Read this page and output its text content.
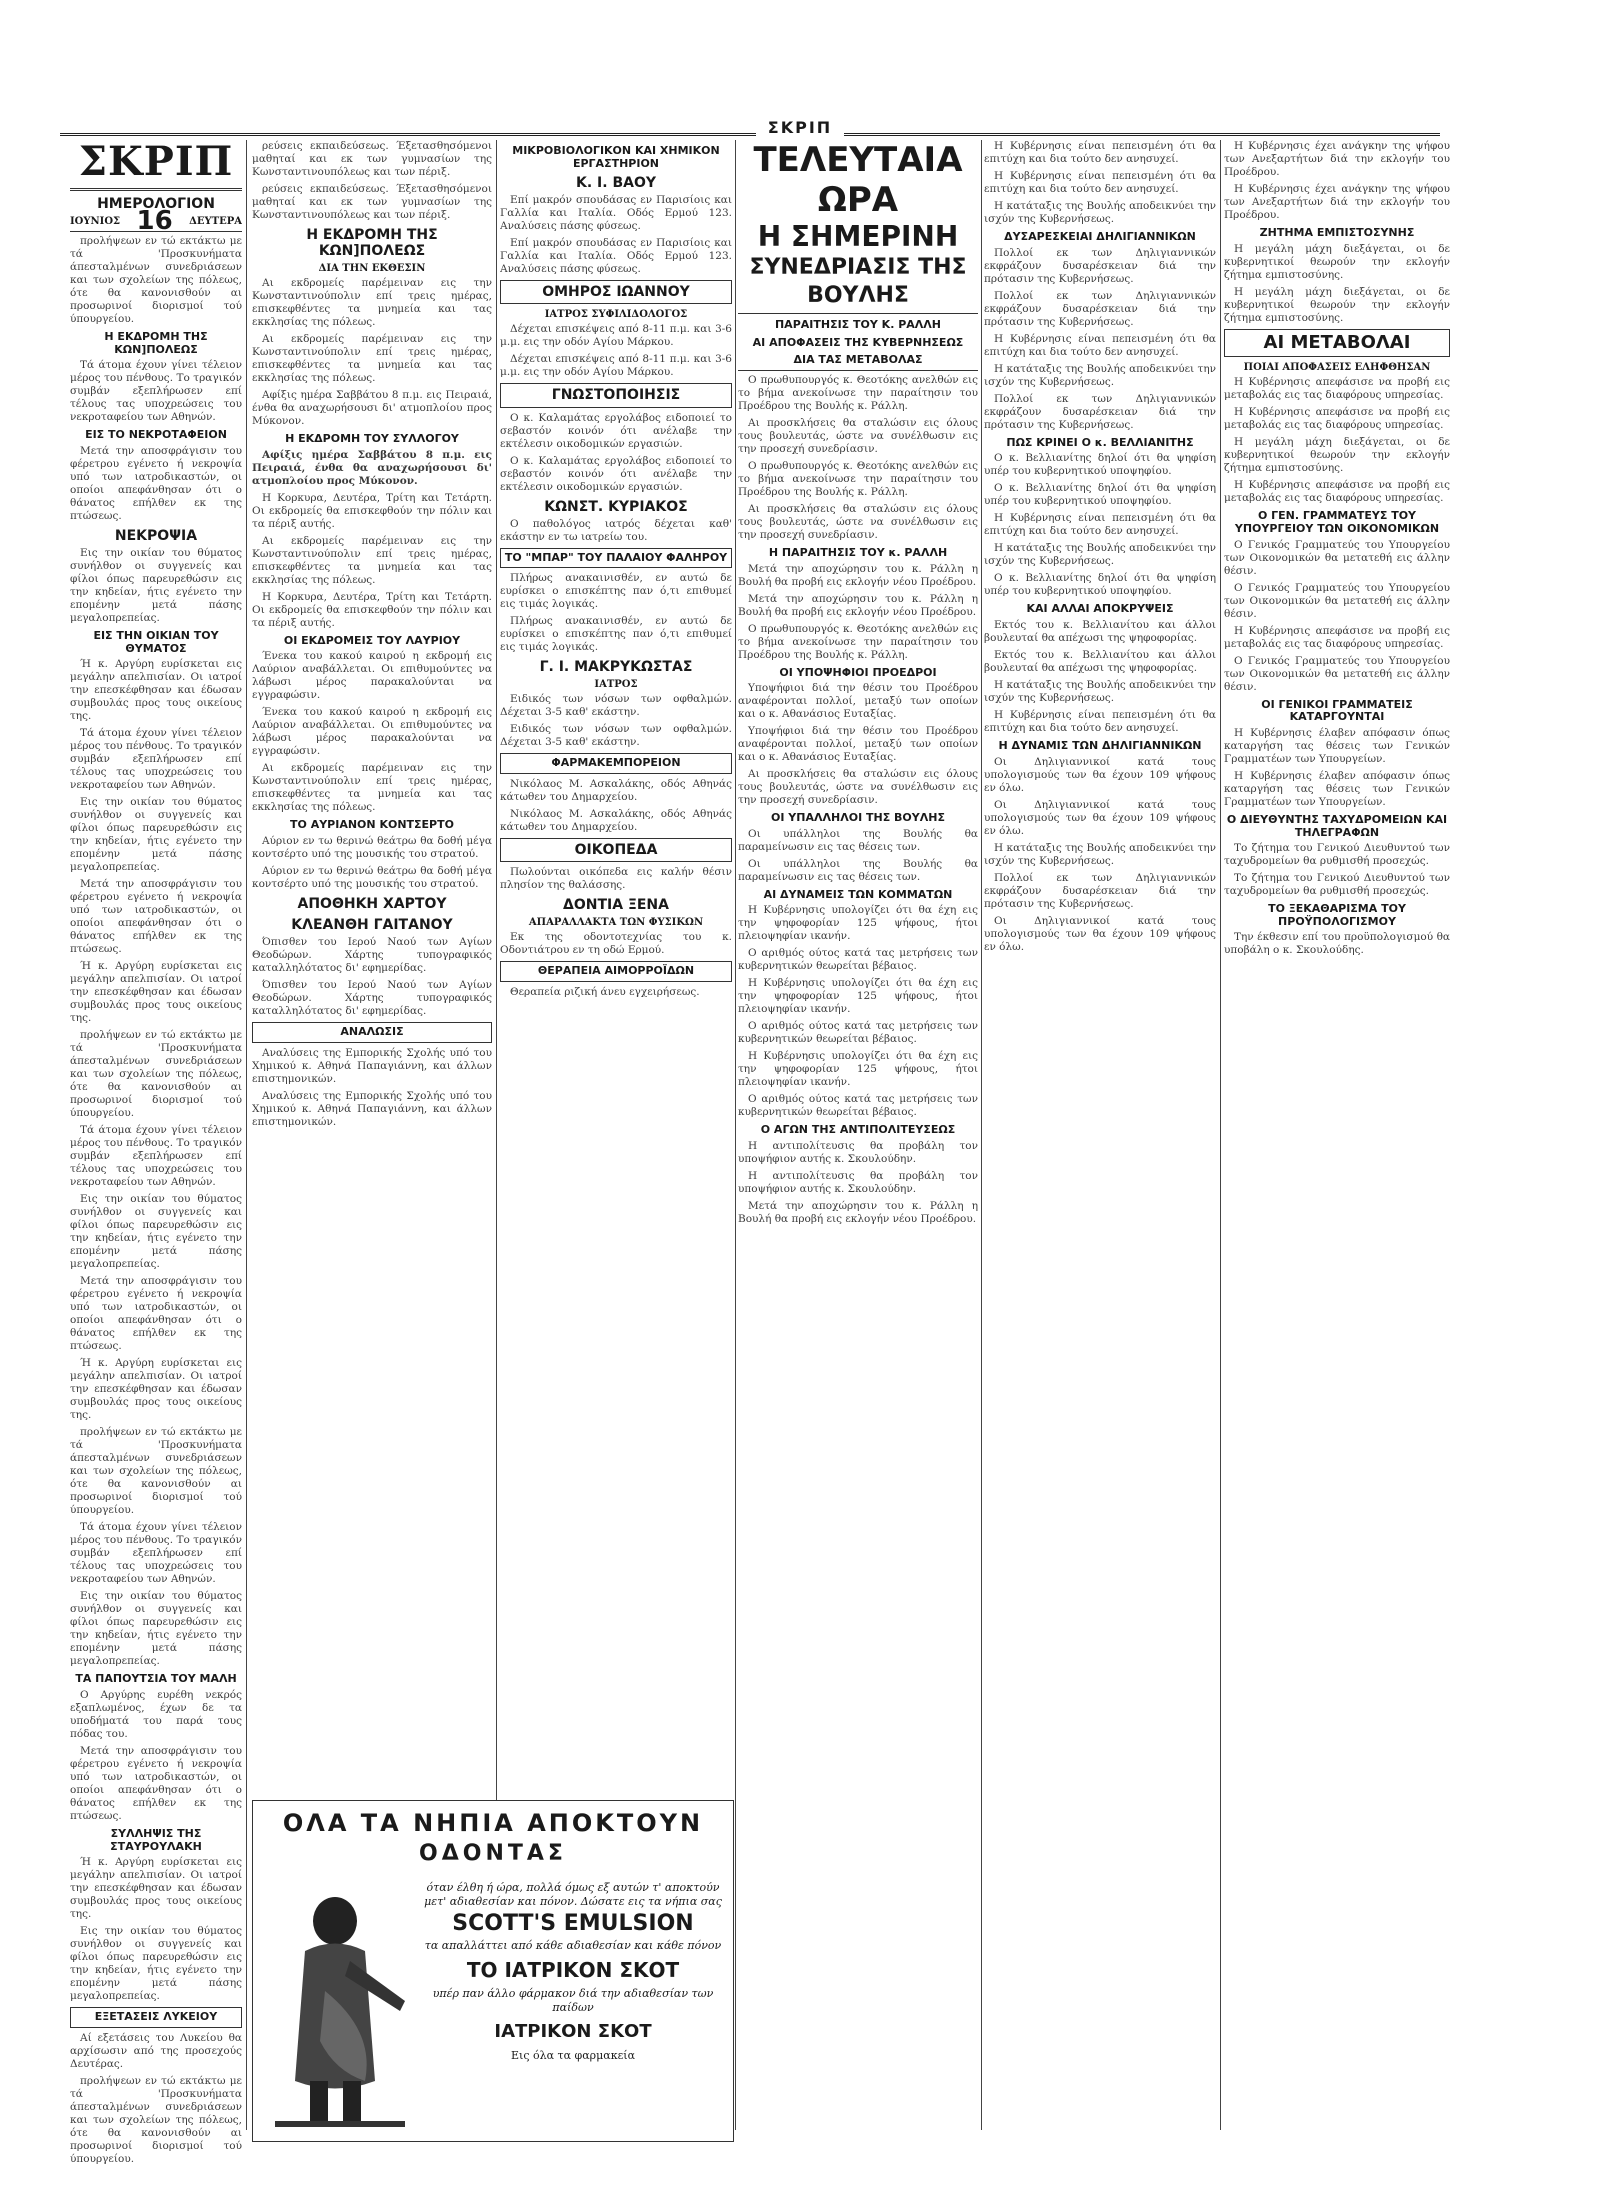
ΣΚΡΙΠ
ΣΚΡΙΠ
ΗΜΕΡΟΛΟΓΙΟΝ
ΙΟΥΝΙΟΣ 16 ΔΕΥΤΕΡΑ

προλήψεων εν τώ εκτάκτω με τά 'Προσκυνήματα άπεσταλμένων συνεδριάσεων και των σχολείων της πόλεως, ότε θα κανονισθούν αι προσωρινοί διορισμοί τού ύπουργείου.

Η ΕΚΔΡΟΜΗ ΤΗΣ ΚΩΝ]ΠΟΛΕΩΣ

Τά άτομα έχουν γίνει τέλειον μέρος του πένθους. Το τραγικόν συμβάν εξεπλήρωσεν επί τέλους τας υποχρεώσεις του νεκροταφείου των Αθηνών.

ΕΙΣ ΤΟ ΝΕΚΡΟΤΑΦΕΙΟΝ

Μετά την αποσφράγισιν του φέρετρου εγένετο ή νεκροψία υπό των ιατροδικαστών, οι οποίοι απεφάνθησαν ότι ο θάνατος επήλθεν εκ της πτώσεως.

ΝΕΚΡΟΨΙΑ

Εις την οικίαν του θύματος συνήλθον οι συγγενείς και φίλοι όπως παρευρεθώσιν εις την κηδείαν, ήτις εγένετο την επομένην μετά πάσης μεγαλοπρεπείας.

ΕΙΣ ΤΗΝ ΟΙΚΙΑΝ ΤΟΥ ΘΥΜΑΤΟΣ

Ή κ. Αργύρη ευρίσκεται εις μεγάλην απελπισίαν. Οι ιατροί την επεσκέφθησαν και έδωσαν συμβουλάς προς τους οικείους της.

Τά άτομα έχουν γίνει τέλειον μέρος του πένθους. Το τραγικόν συμβάν εξεπλήρωσεν επί τέλους τας υποχρεώσεις του νεκροταφείου των Αθηνών.

Εις την οικίαν του θύματος συνήλθον οι συγγενείς και φίλοι όπως παρευρεθώσιν εις την κηδείαν, ήτις εγένετο την επομένην μετά πάσης μεγαλοπρεπείας.

Μετά την αποσφράγισιν του φέρετρου εγένετο ή νεκροψία υπό των ιατροδικαστών, οι οποίοι απεφάνθησαν ότι ο θάνατος επήλθεν εκ της πτώσεως.

Ή κ. Αργύρη ευρίσκεται εις μεγάλην απελπισίαν. Οι ιατροί την επεσκέφθησαν και έδωσαν συμβουλάς προς τους οικείους της.

προλήψεων εν τώ εκτάκτω με τά 'Προσκυνήματα άπεσταλμένων συνεδριάσεων και των σχολείων της πόλεως, ότε θα κανονισθούν αι προσωρινοί διορισμοί τού ύπουργείου.

Τά άτομα έχουν γίνει τέλειον μέρος του πένθους. Το τραγικόν συμβάν εξεπλήρωσεν επί τέλους τας υποχρεώσεις του νεκροταφείου των Αθηνών.

Εις την οικίαν του θύματος συνήλθον οι συγγενείς και φίλοι όπως παρευρεθώσιν εις την κηδείαν, ήτις εγένετο την επομένην μετά πάσης μεγαλοπρεπείας.

Μετά την αποσφράγισιν του φέρετρου εγένετο ή νεκροψία υπό των ιατροδικαστών, οι οποίοι απεφάνθησαν ότι ο θάνατος επήλθεν εκ της πτώσεως.

Ή κ. Αργύρη ευρίσκεται εις μεγάλην απελπισίαν. Οι ιατροί την επεσκέφθησαν και έδωσαν συμβουλάς προς τους οικείους της.

προλήψεων εν τώ εκτάκτω με τά 'Προσκυνήματα άπεσταλμένων συνεδριάσεων και των σχολείων της πόλεως, ότε θα κανονισθούν αι προσωρινοί διορισμοί τού ύπουργείου.

Τά άτομα έχουν γίνει τέλειον μέρος του πένθους. Το τραγικόν συμβάν εξεπλήρωσεν επί τέλους τας υποχρεώσεις του νεκροταφείου των Αθηνών.

Εις την οικίαν του θύματος συνήλθον οι συγγενείς και φίλοι όπως παρευρεθώσιν εις την κηδείαν, ήτις εγένετο την επομένην μετά πάσης μεγαλοπρεπείας.

ΤΑ ΠΑΠΟΥΤΣΙΑ ΤΟΥ ΜΑΛΗ

Ο Αργύρης ευρέθη νεκρός εξαπλωμένος, έχων δε τα υποδήματά του παρά τους πόδας του.

Μετά την αποσφράγισιν του φέρετρου εγένετο ή νεκροψία υπό των ιατροδικαστών, οι οποίοι απεφάνθησαν ότι ο θάνατος επήλθεν εκ της πτώσεως.

ΣΥΛΛΗΨΙΣ ΤΗΣ ΣΤΑΥΡΟΥΛΑΚΗ

Ή κ. Αργύρη ευρίσκεται εις μεγάλην απελπισίαν. Οι ιατροί την επεσκέφθησαν και έδωσαν συμβουλάς προς τους οικείους της.

Εις την οικίαν του θύματος συνήλθον οι συγγενείς και φίλοι όπως παρευρεθώσιν εις την κηδείαν, ήτις εγένετο την επομένην μετά πάσης μεγαλοπρεπείας.

ΕΞΕΤΑΣΕΙΣ ΛΥΚΕΙΟΥ

Αί εξετάσεις του Λυκείου θα αρχίσωσιν από της προσεχούς Δευτέρας.

προλήψεων εν τώ εκτάκτω με τά 'Προσκυνήματα άπεσταλμένων συνεδριάσεων και των σχολείων της πόλεως, ότε θα κανονισθούν αι προσωρινοί διορισμοί τού ύπουργείου.

ρεύσεις εκπαιδεύσεως. Έξετασθησόμενοι μαθηταί και εκ των γυμνασίων της Κωνσταντινουπόλεως και των πέριξ.

ρεύσεις εκπαιδεύσεως. Έξετασθησόμενοι μαθηταί και εκ των γυμνασίων της Κωνσταντινουπόλεως και των πέριξ.

Η ΕΚΔΡΟΜΗ ΤΗΣ ΚΩΝ]ΠΟΛΕΩΣ
ΔΙΑ ΤΗΝ ΕΚΘΕΣΙΝ

Αι εκδρομείς παρέμειναν εις την Κωνσταντινούπολιν επί τρεις ημέρας, επισκεφθέντες τα μνημεία και τας εκκλησίας της πόλεως.

Αι εκδρομείς παρέμειναν εις την Κωνσταντινούπολιν επί τρεις ημέρας, επισκεφθέντες τα μνημεία και τας εκκλησίας της πόλεως.

Αφίξις ημέρα Σαββάτου 8 π.μ. εις Πειραιά, ένθα θα αναχωρήσουσι δι' ατμοπλοίου προς Μύκονον.

Η ΕΚΔΡΟΜΗ ΤΟΥ ΣΥΛΛΟΓΟΥ

Αφίξις ημέρα Σαββάτου 8 π.μ. εις Πειραιά, ένθα θα αναχωρήσουσι δι' ατμοπλοίου προς Μύκονον.

Η Κορκυρα, Δευτέρα, Τρίτη και Τετάρτη. Οι εκδρομείς θα επισκεφθούν την πόλιν και τα πέριξ αυτής.

Αι εκδρομείς παρέμειναν εις την Κωνσταντινούπολιν επί τρεις ημέρας, επισκεφθέντες τα μνημεία και τας εκκλησίας της πόλεως.

Η Κορκυρα, Δευτέρα, Τρίτη και Τετάρτη. Οι εκδρομείς θα επισκεφθούν την πόλιν και τα πέριξ αυτής.

ΟΙ ΕΚΔΡΟΜΕΙΣ ΤΟΥ ΛΑΥΡΙΟΥ

Ένεκα του κακού καιρού η εκδρομή εις Λαύριον αναβάλλεται. Οι επιθυμούντες να λάβωσι μέρος παρακαλούνται να εγγραφώσιν.

Ένεκα του κακού καιρού η εκδρομή εις Λαύριον αναβάλλεται. Οι επιθυμούντες να λάβωσι μέρος παρακαλούνται να εγγραφώσιν.

Αι εκδρομείς παρέμειναν εις την Κωνσταντινούπολιν επί τρεις ημέρας, επισκεφθέντες τα μνημεία και τας εκκλησίας της πόλεως.

ΤΟ ΑΥΡΙΑΝΟΝ ΚΟΝΤΣΕΡΤΟ

Αύριον εν τω θερινώ θεάτρω θα δοθή μέγα κοντσέρτο υπό της μουσικής του στρατού.

Αύριον εν τω θερινώ θεάτρω θα δοθή μέγα κοντσέρτο υπό της μουσικής του στρατού.

ΑΠΟΘΗΚΗ ΧΑΡΤΟΥ
ΚΛΕΑΝΘΗ ΓΑΙΤΑΝΟΥ

Όπισθεν του Ιερού Ναού των Αγίων Θεοδώρων. Χάρτης τυπογραφικός καταλληλότατος δι' εφημερίδας.

Όπισθεν του Ιερού Ναού των Αγίων Θεοδώρων. Χάρτης τυπογραφικός καταλληλότατος δι' εφημερίδας.

ΑΝΑΛΩΣΙΣ

Αναλύσεις της Εμπορικής Σχολής υπό του Χημικού κ. Αθηνά Παπαγιάννη, και άλλων επιστημονικών.

Αναλύσεις της Εμπορικής Σχολής υπό του Χημικού κ. Αθηνά Παπαγιάννη, και άλλων επιστημονικών.

ΜΙΚΡΟΒΙΟΛΟΓΙΚΟΝ ΚΑΙ ΧΗΜΙΚΟΝ ΕΡΓΑΣΤΗΡΙΟΝ
Κ. Ι. ΒΑΟΥ

Επί μακρόν σπουδάσας εν Παρισίοις και Γαλλία και Ιταλία. Οδός Ερμού 123. Αναλύσεις πάσης φύσεως.

Επί μακρόν σπουδάσας εν Παρισίοις και Γαλλία και Ιταλία. Οδός Ερμού 123. Αναλύσεις πάσης φύσεως.

ΟΜΗΡΟΣ ΙΩΑΝΝΟΥ
ΙΑΤΡΟΣ ΣΥΦΙΛΙΔΟΛΟΓΟΣ

Δέχεται επισκέψεις από 8-11 π.μ. και 3-6 μ.μ. εις την οδόν Αγίου Μάρκου.

Δέχεται επισκέψεις από 8-11 π.μ. και 3-6 μ.μ. εις την οδόν Αγίου Μάρκου.

ΓΝΩΣΤΟΠΟΙΗΣΙΣ

Ο κ. Καλαμάτας εργολάβος ειδοποιεί το σεβαστόν κοινόν ότι ανέλαβε την εκτέλεσιν οικοδομικών εργασιών.

Ο κ. Καλαμάτας εργολάβος ειδοποιεί το σεβαστόν κοινόν ότι ανέλαβε την εκτέλεσιν οικοδομικών εργασιών.

ΚΩΝΣΤ. ΚΥΡΙΑΚΟΣ

Ο παθολόγος ιατρός δέχεται καθ' εκάστην εν τω ιατρείω του.

ΤΟ "ΜΠΑΡ" ΤΟΥ ΠΑΛΑΙΟΥ ΦΑΛΗΡΟΥ

Πλήρως ανακαινισθέν, εν αυτώ δε ευρίσκει ο επισκέπτης παν ό,τι επιθυμεί εις τιμάς λογικάς.

Πλήρως ανακαινισθέν, εν αυτώ δε ευρίσκει ο επισκέπτης παν ό,τι επιθυμεί εις τιμάς λογικάς.

Γ. Ι. ΜΑΚΡΥΚΩΣΤΑΣ
ΙΑΤΡΟΣ

Ειδικός των νόσων των οφθαλμών. Δέχεται 3-5 καθ' εκάστην.

Ειδικός των νόσων των οφθαλμών. Δέχεται 3-5 καθ' εκάστην.

ΦΑΡΜΑΚΕΜΠΟΡΕΙΟΝ

Νικόλαος Μ. Ασκαλάκης, οδός Αθηνάς κάτωθεν του Δημαρχείου.

Νικόλαος Μ. Ασκαλάκης, οδός Αθηνάς κάτωθεν του Δημαρχείου.

ΟΙΚΟΠΕΔΑ

Πωλούνται οικόπεδα εις καλήν θέσιν πλησίον της θαλάσσης.

ΔΟΝΤΙΑ ΞΕΝΑ
ΑΠΑΡΑΛΛΑΚΤΑ ΤΩΝ ΦΥΣΙΚΩΝ

Εκ της οδοντοτεχνίας του κ. Οδοντιάτρου εν τη οδώ Ερμού.

ΘΕΡΑΠΕΙΑ ΑΙΜΟΡΡΟΪΔΩΝ

Θεραπεία ριζική άνευ εγχειρήσεως.

ΤΕΛΕΥΤΑΙΑ ΩΡΑ
Η ΣΗΜΕΡΙΝΗ
ΣΥΝΕΔΡΙΑΣΙΣ ΤΗΣ ΒΟΥΛΗΣ
ΠΑΡΑΙΤΗΣΙΣ ΤΟΥ Κ. ΡΑΛΛΗ
ΑΙ ΑΠΟΦΑΣΕΙΣ ΤΗΣ ΚΥΒΕΡΝΗΣΕΩΣ
ΔΙΑ ΤΑΣ ΜΕΤΑΒΟΛΑΣ

Ο πρωθυπουργός κ. Θεοτόκης ανελθών εις το βήμα ανεκοίνωσε την παραίτησιν του Προέδρου της Βουλής κ. Ράλλη.

Αι προσκλήσεις θα σταλώσιν εις όλους τους βουλευτάς, ώστε να συνέλθωσιν εις την προσεχή συνεδρίασιν.

Ο πρωθυπουργός κ. Θεοτόκης ανελθών εις το βήμα ανεκοίνωσε την παραίτησιν του Προέδρου της Βουλής κ. Ράλλη.

Αι προσκλήσεις θα σταλώσιν εις όλους τους βουλευτάς, ώστε να συνέλθωσιν εις την προσεχή συνεδρίασιν.

Η ΠΑΡΑΙΤΗΣΙΣ ΤΟΥ κ. ΡΑΛΛΗ

Μετά την αποχώρησιν του κ. Ράλλη η Βουλή θα προβή εις εκλογήν νέου Προέδρου.

Μετά την αποχώρησιν του κ. Ράλλη η Βουλή θα προβή εις εκλογήν νέου Προέδρου.

Ο πρωθυπουργός κ. Θεοτόκης ανελθών εις το βήμα ανεκοίνωσε την παραίτησιν του Προέδρου της Βουλής κ. Ράλλη.

ΟΙ ΥΠΟΨΗΦΙΟΙ ΠΡΟΕΔΡΟΙ

Υποψήφιοι διά την θέσιν του Προέδρου αναφέρονται πολλοί, μεταξύ των οποίων και ο κ. Αθανάσιος Ευταξίας.

Υποψήφιοι διά την θέσιν του Προέδρου αναφέρονται πολλοί, μεταξύ των οποίων και ο κ. Αθανάσιος Ευταξίας.

Αι προσκλήσεις θα σταλώσιν εις όλους τους βουλευτάς, ώστε να συνέλθωσιν εις την προσεχή συνεδρίασιν.

ΟΙ ΥΠΑΛΛΗΛΟΙ ΤΗΣ ΒΟΥΛΗΣ

Οι υπάλληλοι της Βουλής θα παραμείνωσιν εις τας θέσεις των.

Οι υπάλληλοι της Βουλής θα παραμείνωσιν εις τας θέσεις των.

ΑΙ ΔΥΝΑΜΕΙΣ ΤΩΝ ΚΟΜΜΑΤΩΝ

Η Κυβέρνησις υπολογίζει ότι θα έχη εις την ψηφοφορίαν 125 ψήφους, ήτοι πλειοψηφίαν ικανήν.

Ο αριθμός ούτος κατά τας μετρήσεις των κυβερνητικών θεωρείται βέβαιος.

Η Κυβέρνησις υπολογίζει ότι θα έχη εις την ψηφοφορίαν 125 ψήφους, ήτοι πλειοψηφίαν ικανήν.

Ο αριθμός ούτος κατά τας μετρήσεις των κυβερνητικών θεωρείται βέβαιος.

Η Κυβέρνησις υπολογίζει ότι θα έχη εις την ψηφοφορίαν 125 ψήφους, ήτοι πλειοψηφίαν ικανήν.

Ο αριθμός ούτος κατά τας μετρήσεις των κυβερνητικών θεωρείται βέβαιος.

Ο ΑΓΩΝ ΤΗΣ ΑΝΤΙΠΟΛΙΤΕΥΣΕΩΣ

Η αντιπολίτευσις θα προβάλη τον υποψήφιον αυτής κ. Σκουλούδην.

Η αντιπολίτευσις θα προβάλη τον υποψήφιον αυτής κ. Σκουλούδην.

Μετά την αποχώρησιν του κ. Ράλλη η Βουλή θα προβή εις εκλογήν νέου Προέδρου.

Η Κυβέρνησις είναι πεπεισμένη ότι θα επιτύχη και δια τούτο δεν ανησυχεί.

Η Κυβέρνησις είναι πεπεισμένη ότι θα επιτύχη και δια τούτο δεν ανησυχεί.

Η κατάταξις της Βουλής αποδεικνύει την ισχύν της Κυβερνήσεως.

ΔΥΣΑΡΕΣΚΕΙΑΙ ΔΗΛΙΓΙΑΝΝΙΚΩΝ

Πολλοί εκ των Δηλιγιαννικών εκφράζουν δυσαρέσκειαν διά την πρότασιν της Κυβερνήσεως.

Πολλοί εκ των Δηλιγιαννικών εκφράζουν δυσαρέσκειαν διά την πρότασιν της Κυβερνήσεως.

Η Κυβέρνησις είναι πεπεισμένη ότι θα επιτύχη και δια τούτο δεν ανησυχεί.

Η κατάταξις της Βουλής αποδεικνύει την ισχύν της Κυβερνήσεως.

Πολλοί εκ των Δηλιγιαννικών εκφράζουν δυσαρέσκειαν διά την πρότασιν της Κυβερνήσεως.

ΠΩΣ ΚΡΙΝΕΙ Ο κ. ΒΕΛΛΙΑΝΙΤΗΣ

Ο κ. Βελλιανίτης δηλοί ότι θα ψηφίση υπέρ του κυβερνητικού υποψηφίου.

Ο κ. Βελλιανίτης δηλοί ότι θα ψηφίση υπέρ του κυβερνητικού υποψηφίου.

Η Κυβέρνησις είναι πεπεισμένη ότι θα επιτύχη και δια τούτο δεν ανησυχεί.

Η κατάταξις της Βουλής αποδεικνύει την ισχύν της Κυβερνήσεως.

Ο κ. Βελλιανίτης δηλοί ότι θα ψηφίση υπέρ του κυβερνητικού υποψηφίου.

ΚΑΙ ΑΛΛΑΙ ΑΠΟΚΡΥΨΕΙΣ

Εκτός του κ. Βελλιανίτου και άλλοι βουλευταί θα απέχωσι της ψηφοφορίας.

Εκτός του κ. Βελλιανίτου και άλλοι βουλευταί θα απέχωσι της ψηφοφορίας.

Η κατάταξις της Βουλής αποδεικνύει την ισχύν της Κυβερνήσεως.

Η Κυβέρνησις είναι πεπεισμένη ότι θα επιτύχη και δια τούτο δεν ανησυχεί.

Η ΔΥΝΑΜΙΣ ΤΩΝ ΔΗΛΙΓΙΑΝΝΙΚΩΝ

Οι Δηλιγιαννικοί κατά τους υπολογισμούς των θα έχουν 109 ψήφους εν όλω.

Οι Δηλιγιαννικοί κατά τους υπολογισμούς των θα έχουν 109 ψήφους εν όλω.

Η κατάταξις της Βουλής αποδεικνύει την ισχύν της Κυβερνήσεως.

Πολλοί εκ των Δηλιγιαννικών εκφράζουν δυσαρέσκειαν διά την πρότασιν της Κυβερνήσεως.

Οι Δηλιγιαννικοί κατά τους υπολογισμούς των θα έχουν 109 ψήφους εν όλω.

Η Κυβέρνησις έχει ανάγκην της ψήφου των Ανεξαρτήτων διά την εκλογήν του Προέδρου.

Η Κυβέρνησις έχει ανάγκην της ψήφου των Ανεξαρτήτων διά την εκλογήν του Προέδρου.

ΖΗΤΗΜΑ ΕΜΠΙΣΤΟΣΥΝΗΣ

Η μεγάλη μάχη διεξάγεται, οι δε κυβερνητικοί θεωρούν την εκλογήν ζήτημα εμπιστοσύνης.

Η μεγάλη μάχη διεξάγεται, οι δε κυβερνητικοί θεωρούν την εκλογήν ζήτημα εμπιστοσύνης.

ΑΙ ΜΕΤΑΒΟΛΑΙ
ΠΟΙΑΙ ΑΠΟΦΑΣΕΙΣ ΕΛΗΦΘΗΣΑΝ

Η Κυβέρνησις απεφάσισε να προβή εις μεταβολάς εις τας διαφόρους υπηρεσίας.

Η Κυβέρνησις απεφάσισε να προβή εις μεταβολάς εις τας διαφόρους υπηρεσίας.

Η μεγάλη μάχη διεξάγεται, οι δε κυβερνητικοί θεωρούν την εκλογήν ζήτημα εμπιστοσύνης.

Η Κυβέρνησις απεφάσισε να προβή εις μεταβολάς εις τας διαφόρους υπηρεσίας.

Ο ΓΕΝ. ΓΡΑΜΜΑΤΕΥΣ ΤΟΥ ΥΠΟΥΡΓΕΙΟΥ ΤΩΝ ΟΙΚΟΝΟΜΙΚΩΝ

Ο Γενικός Γραμματεύς του Υπουργείου των Οικονομικών θα μετατεθή εις άλλην θέσιν.

Ο Γενικός Γραμματεύς του Υπουργείου των Οικονομικών θα μετατεθή εις άλλην θέσιν.

Η Κυβέρνησις απεφάσισε να προβή εις μεταβολάς εις τας διαφόρους υπηρεσίας.

Ο Γενικός Γραμματεύς του Υπουργείου των Οικονομικών θα μετατεθή εις άλλην θέσιν.

ΟΙ ΓΕΝΙΚΟΙ ΓΡΑΜΜΑΤΕΙΣ ΚΑΤΑΡΓΟΥΝΤΑΙ

Η Κυβέρνησις έλαβεν απόφασιν όπως καταργήση τας θέσεις των Γενικών Γραμματέων των Υπουργείων.

Η Κυβέρνησις έλαβεν απόφασιν όπως καταργήση τας θέσεις των Γενικών Γραμματέων των Υπουργείων.

Ο ΔΙΕΥΘΥΝΤΗΣ ΤΑΧΥΔΡΟΜΕΙΩΝ ΚΑΙ ΤΗΛΕΓΡΑΦΩΝ

Το ζήτημα του Γενικού Διευθυντού των ταχυδρομείων θα ρυθμισθή προσεχώς.

Το ζήτημα του Γενικού Διευθυντού των ταχυδρομείων θα ρυθμισθή προσεχώς.

ΤΟ ΞΕΚΑΘΑΡΙΣΜΑ ΤΟΥ ΠΡΟΫΠΟΛΟΓΙΣΜΟΥ

Την έκθεσιν επί του προϋπολογισμού θα υποβάλη ο κ. Σκουλούδης.

ΟΛΑ ΤΑ ΝΗΠΙΑ ΑΠΟΚΤΟΥΝ
ΟΔΟΝΤΑΣ
όταν έλθη ή ώρα, πολλά όμως εξ αυτών τ' αποκτούν μετ' αδιαθεσίαν και πόνον. Δώσατε εις τα νήπια σας
SCOTT'S EMULSION
τα απαλλάττει από κάθε αδιαθεσίαν και κάθε πόνον
ΤΟ ΙΑΤΡΙΚΟΝ ΣΚΟΤ
υπέρ παν άλλο φάρμακον διά την αδιαθεσίαν των παίδων
ΙΑΤΡΙΚΟΝ ΣΚΟΤ
Εις όλα τα φαρμακεία
